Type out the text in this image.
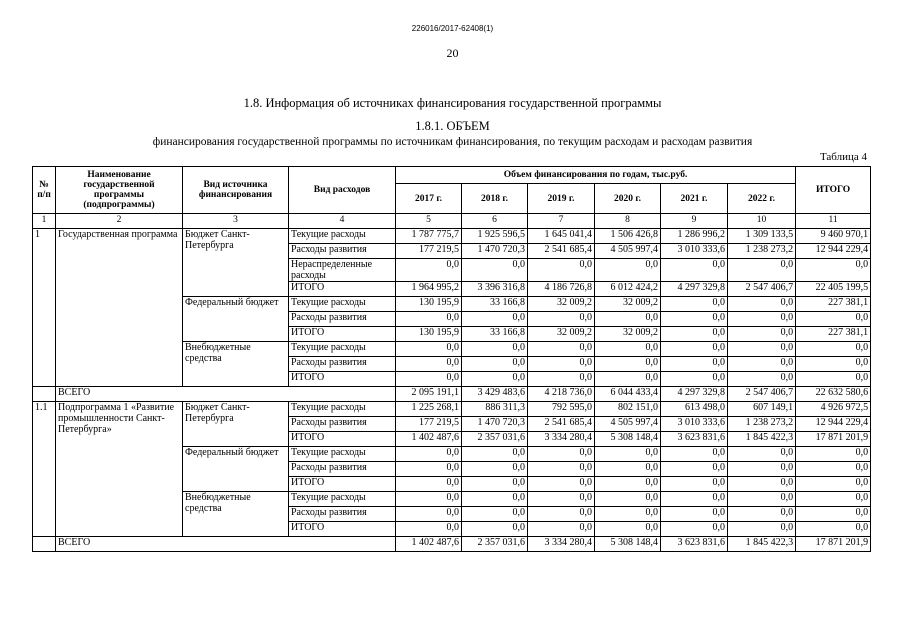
226016/2017-62408(1)
20
1.8. Информация об источниках финансирования государственной программы
1.8.1. ОБЪЕМ
финансирования государственной программы по источникам финансирования, по текущим расходам и расходам развития
Таблица 4
№ п/п	Наименование государственной программы (подпрограммы)	Вид источника финансирования	Вид расходов	Объем финансирования по годам, тыс.руб.						ИТОГО
				2017 г.	2018 г.	2019 г.	2020 г.	2021 г.	2022 г.	
1	2	3	4	5	6	7	8	9	10	11
1	Государственная программа	Бюджет Санкт-Петербурга	Текущие расходы	1 787 775,7	1 925 596,5	1 645 041,4	1 506 426,8	1 286 996,2	1 309 133,5	9 460 970,1
			Расходы развития	177 219,5	1 470 720,3	2 541 685,4	4 505 997,4	3 010 333,6	1 238 273,2	12 944 229,4
			Нераспределенные расходы	0,0	0,0	0,0	0,0	0,0	0,0	0,0
			ИТОГО	1 964 995,2	3 396 316,8	4 186 726,8	6 012 424,2	4 297 329,8	2 547 406,7	22 405 199,5
		Федеральный бюджет	Текущие расходы	130 195,9	33 166,8	32 009,2	32 009,2	0,0	0,0	227 381,1
			Расходы развития	0,0	0,0	0,0	0,0	0,0	0,0	0,0
			ИТОГО	130 195,9	33 166,8	32 009,2	32 009,2	0,0	0,0	227 381,1
		Внебюджетные средства	Текущие расходы	0,0	0,0	0,0	0,0	0,0	0,0	0,0
			Расходы развития	0,0	0,0	0,0	0,0	0,0	0,0	0,0
			ИТОГО	0,0	0,0	0,0	0,0	0,0	0,0	0,0
	ВСЕГО			2 095 191,1	3 429 483,6	4 218 736,0	6 044 433,4	4 297 329,8	2 547 406,7	22 632 580,6
1.1	Подпрограмма 1 «Развитие промышленности Санкт-Петербурга»	Бюджет Санкт-Петербурга	Текущие расходы	1 225 268,1	886 311,3	792 595,0	802 151,0	613 498,0	607 149,1	4 926 972,5
			Расходы развития	177 219,5	1 470 720,3	2 541 685,4	4 505 997,4	3 010 333,6	1 238 273,2	12 944 229,4
			ИТОГО	1 402 487,6	2 357 031,6	3 334 280,4	5 308 148,4	3 623 831,6	1 845 422,3	17 871 201,9
		Федеральный бюджет	Текущие расходы	0,0	0,0	0,0	0,0	0,0	0,0	0,0
			Расходы развития	0,0	0,0	0,0	0,0	0,0	0,0	0,0
			ИТОГО	0,0	0,0	0,0	0,0	0,0	0,0	0,0
		Внебюджетные средства	Текущие расходы	0,0	0,0	0,0	0,0	0,0	0,0	0,0
			Расходы развития	0,0	0,0	0,0	0,0	0,0	0,0	0,0
			ИТОГО	0,0	0,0	0,0	0,0	0,0	0,0	0,0
	ВСЕГО			1 402 487,6	2 357 031,6	3 334 280,4	5 308 148,4	3 623 831,6	1 845 422,3	17 871 201,9
